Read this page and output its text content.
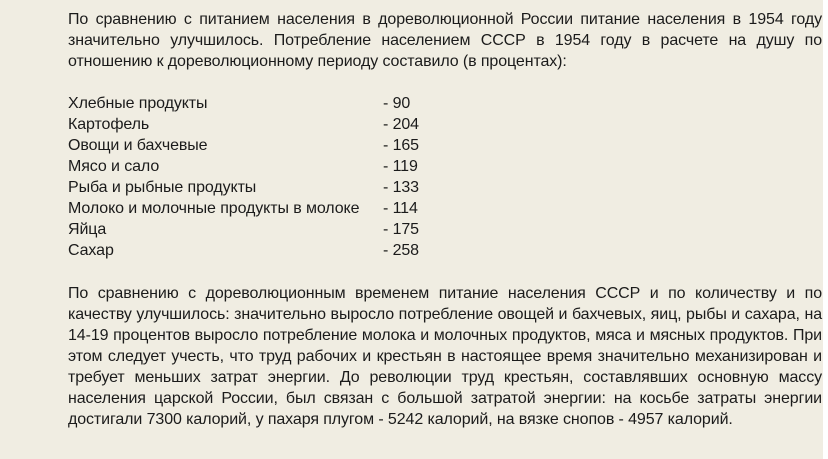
По сравнению с питанием населения в дореволюционной России питание населения в 1954 году значительно улучшилось. Потребление населением СССР в 1954 году в расчете на душу по отношению к дореволюционному периоду составило (в процентах):

Хлебные продукты	- 90
Картофель	- 204
Овощи и бахчевые	- 165
Мясо и сало	- 119
Рыба и рыбные продукты	- 133
Молоко и молочные продукты в молоке	- 114
Яйца	- 175
Сахар	- 258

По сравнению с дореволюционным временем питание населения СССР и по количеству и по качеству улучшилось: значительно выросло потребление овощей и бахчевых, яиц, рыбы и сахара, на 14-19 процентов выросло потребление молока и молочных продуктов, мяса и мясных продуктов. При этом следует учесть, что труд рабочих и крестьян в настоящее время значительно механизирован и требует меньших затрат энергии. До революции труд крестьян, составлявших основную массу населения царской России, был связан с большой затратой энергии: на косьбе затраты энергии достигали 7300 калорий, у пахаря плугом - 5242 калорий, на вязке снопов - 4957 калорий.
